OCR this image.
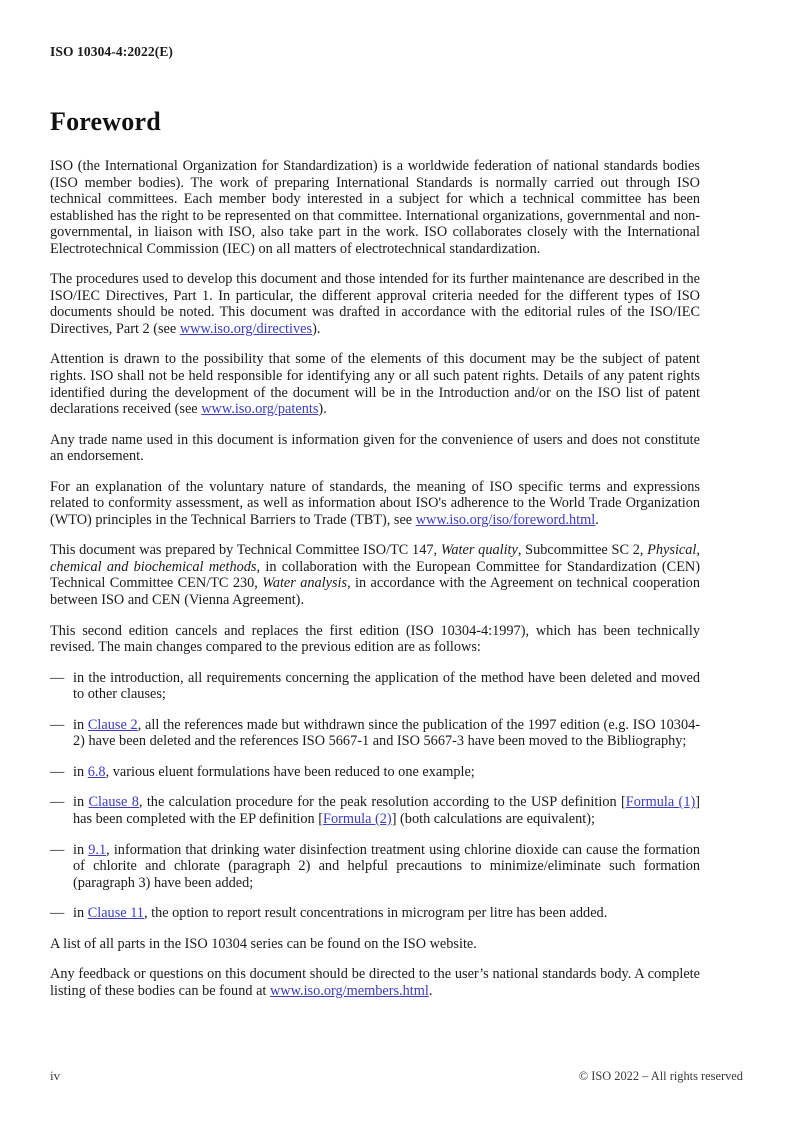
ISO 10304-4:2022(E)
Foreword

ISO (the International Organization for Standardization) is a worldwide federation of national standards bodies (ISO member bodies). The work of preparing International Standards is normally carried out through ISO technical committees. Each member body interested in a subject for which a technical committee has been established has the right to be represented on that committee. International organizations, governmental and non-governmental, in liaison with ISO, also take part in the work. ISO collaborates closely with the International Electrotechnical Commission (IEC) on all matters of electrotechnical standardization.

The procedures used to develop this document and those intended for its further maintenance are described in the ISO/IEC Directives, Part 1. In particular, the different approval criteria needed for the different types of ISO documents should be noted. This document was drafted in accordance with the editorial rules of the ISO/IEC Directives, Part 2 (see www.iso.org/directives).

Attention is drawn to the possibility that some of the elements of this document may be the subject of patent rights. ISO shall not be held responsible for identifying any or all such patent rights. Details of any patent rights identified during the development of the document will be in the Introduction and/or on the ISO list of patent declarations received (see www.iso.org/patents).

Any trade name used in this document is information given for the convenience of users and does not constitute an endorsement.

For an explanation of the voluntary nature of standards, the meaning of ISO specific terms and expressions related to conformity assessment, as well as information about ISO's adherence to the World Trade Organization (WTO) principles in the Technical Barriers to Trade (TBT), see www.iso.org/iso/foreword.html.

This document was prepared by Technical Committee ISO/TC 147, Water quality, Subcommittee SC 2, Physical, chemical and biochemical methods, in collaboration with the European Committee for Standardization (CEN) Technical Committee CEN/TC 230, Water analysis, in accordance with the Agreement on technical cooperation between ISO and CEN (Vienna Agreement).

This second edition cancels and replaces the first edition (ISO 10304-4:1997), which has been technically revised. The main changes compared to the previous edition are as follows:

— in the introduction, all requirements concerning the application of the method have been deleted and moved to other clauses;
— in Clause 2, all the references made but withdrawn since the publication of the 1997 edition (e.g. ISO 10304-2) have been deleted and the references ISO 5667-1 and ISO 5667-3 have been moved to the Bibliography;
— in 6.8, various eluent formulations have been reduced to one example;
— in Clause 8, the calculation procedure for the peak resolution according to the USP definition [Formula (1)] has been completed with the EP definition [Formula (2)] (both calculations are equivalent);
— in 9.1, information that drinking water disinfection treatment using chlorine dioxide can cause the formation of chlorite and chlorate (paragraph 2) and helpful precautions to minimize/eliminate such formation (paragraph 3) have been added;
— in Clause 11, the option to report result concentrations in microgram per litre has been added.

A list of all parts in the ISO 10304 series can be found on the ISO website.

Any feedback or questions on this document should be directed to the user’s national standards body. A complete listing of these bodies can be found at www.iso.org/members.html.

iv	© ISO 2022 – All rights reserved
